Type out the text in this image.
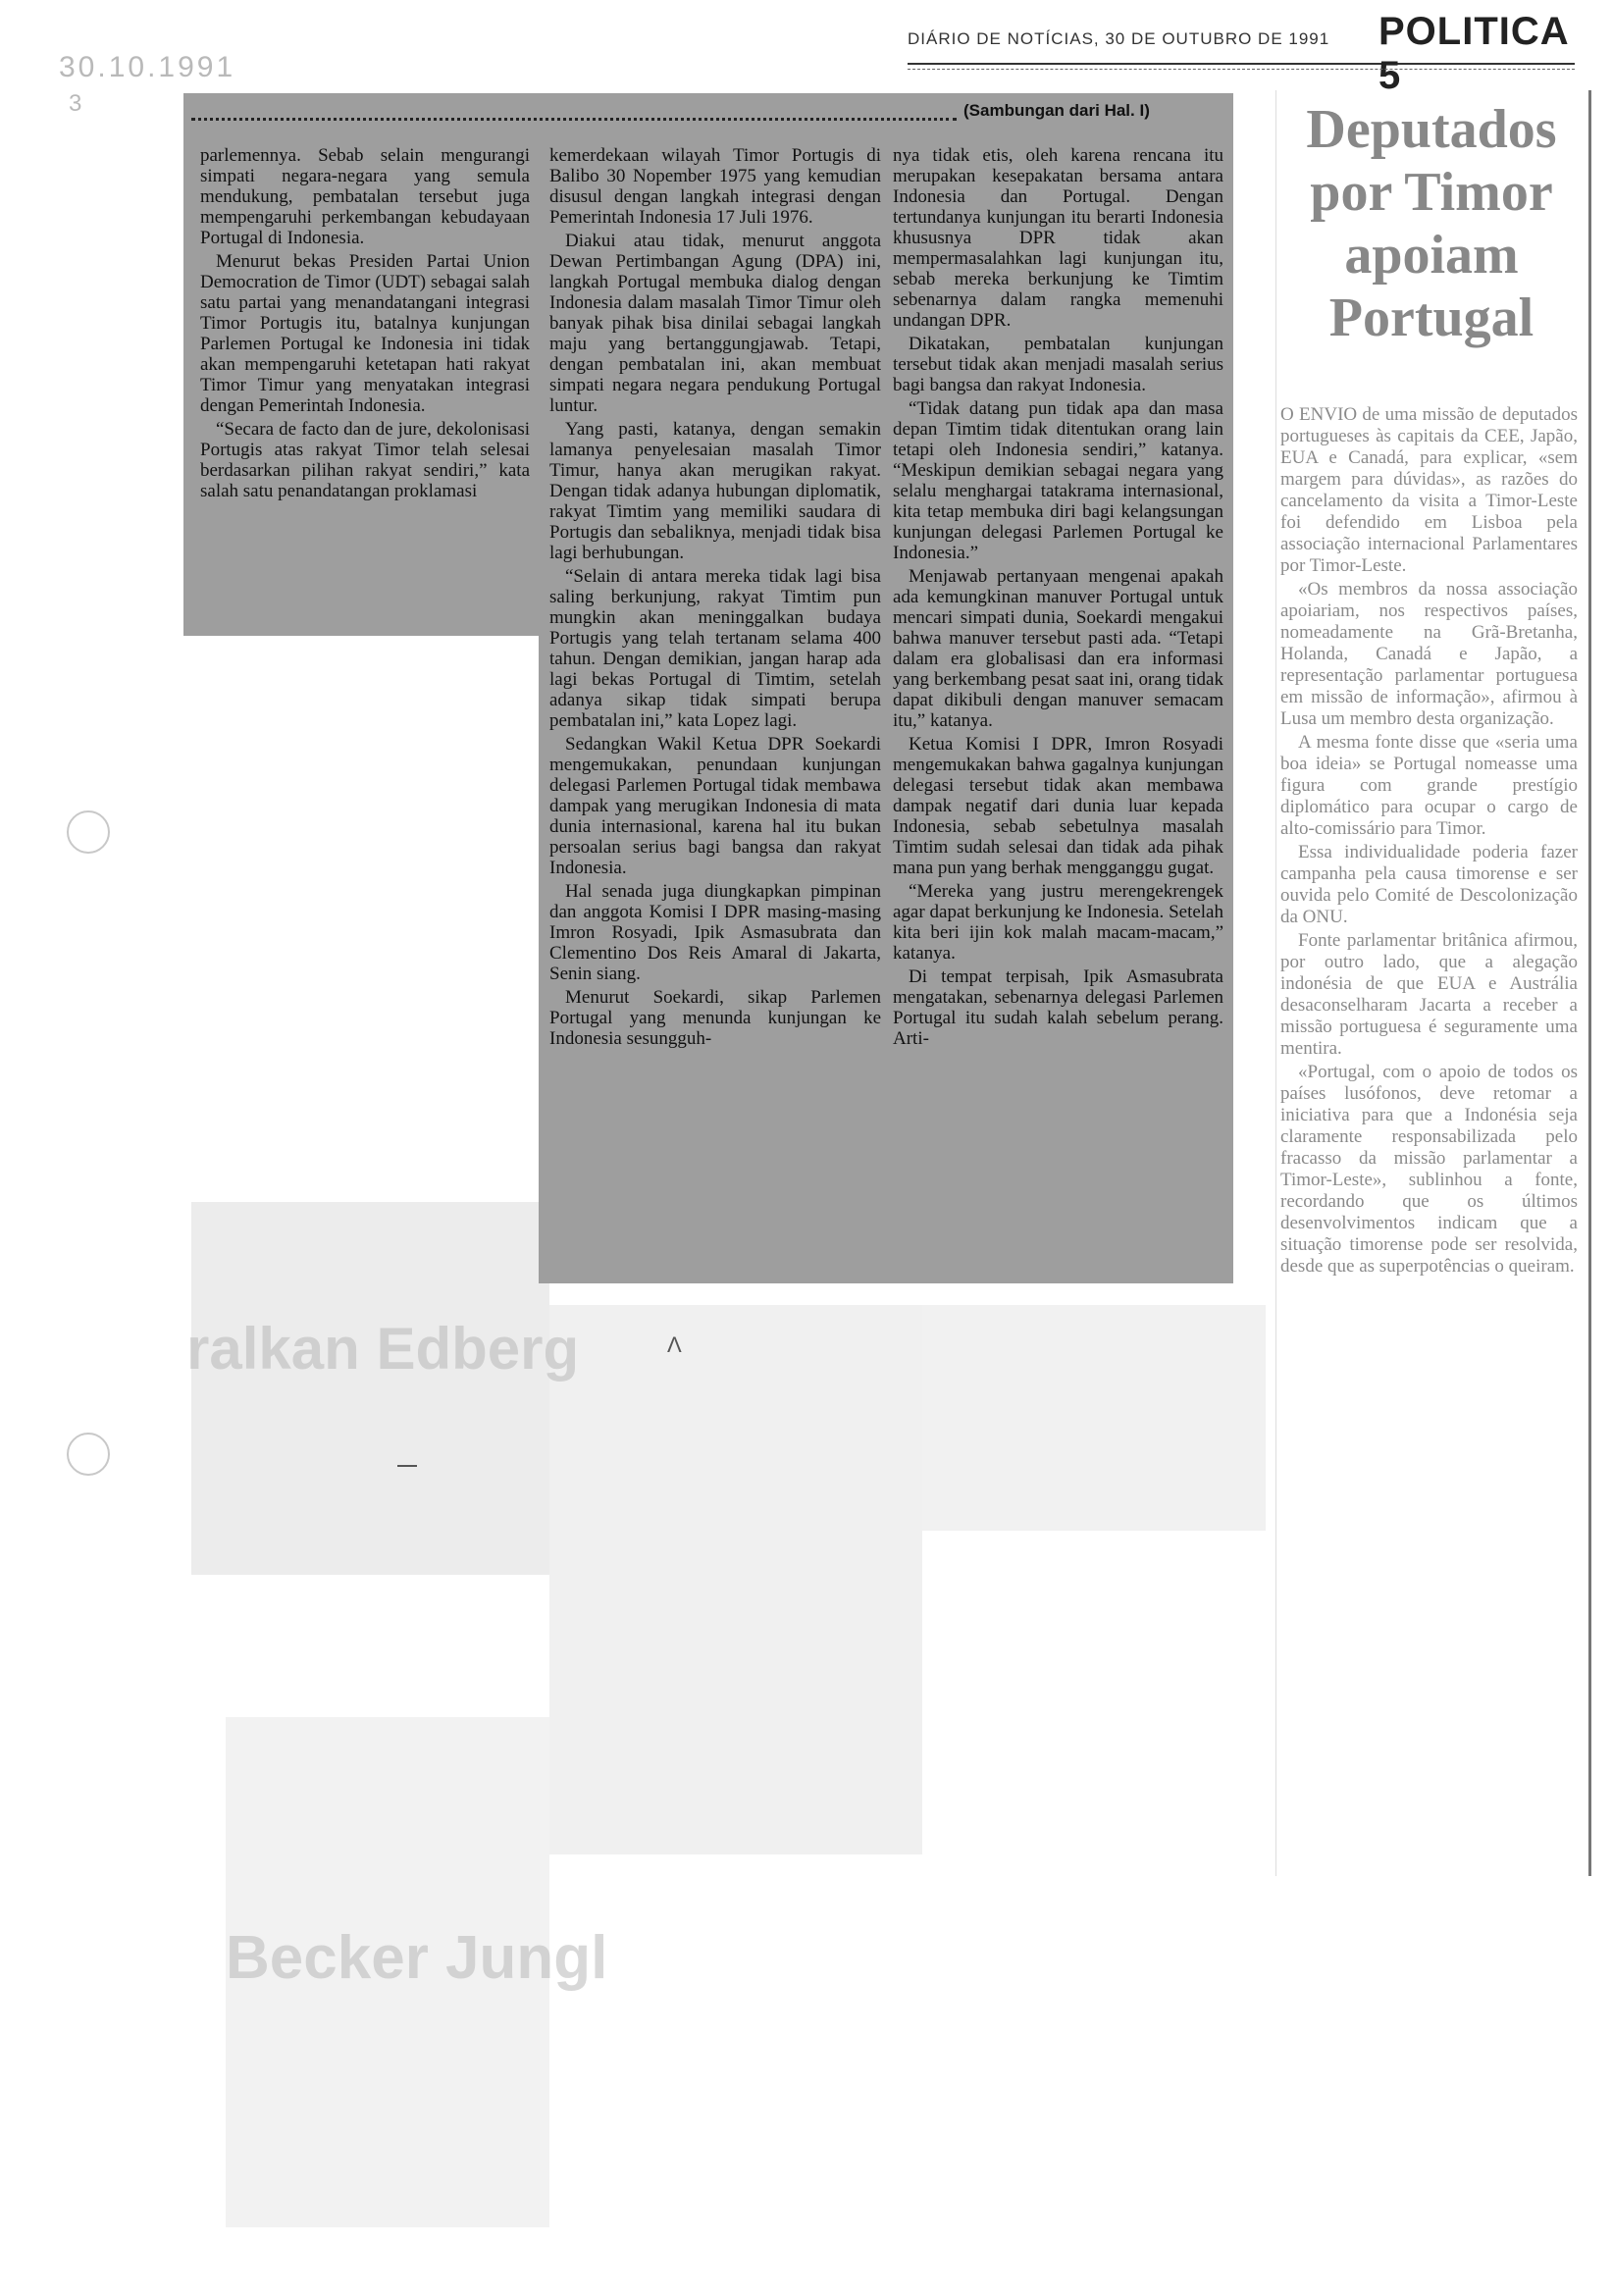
30.10.1991
3
ralkan Edberg
Becker Jungl
DIÁRIO DE NOTÍCIAS, 30 DE OUTUBRO DE 1991 POLITICA 5
(Sambungan dari Hal. I)

parlemennya. Sebab selain mengurangi simpati negara-negara yang semula mendukung, pembatalan tersebut juga mempengaruhi perkembangan kebudayaan Portugal di Indonesia.

Menurut bekas Presiden Partai Union Democration de Timor (UDT) sebagai salah satu partai yang menandatangani integrasi Timor Portugis itu, batalnya kunjungan Parlemen Portugal ke Indonesia ini tidak akan mempengaruhi ketetapan hati rakyat Timor Timur yang menyatakan integrasi dengan Pemerintah Indonesia.

“Secara de facto dan de jure, dekolonisasi Portugis atas rakyat Timor telah selesai berdasarkan pilihan rakyat sendiri,” kata salah satu penandatangan proklamasi

kemerdekaan wilayah Timor Portugis di Balibo 30 Nopember 1975 yang kemudian disusul dengan langkah integrasi dengan Pemerintah Indonesia 17 Juli 1976.

Diakui atau tidak, menurut anggota Dewan Pertimbangan Agung (DPA) ini, langkah Portugal membuka dialog dengan Indonesia dalam masalah Timor Timur oleh banyak pihak bisa dinilai sebagai langkah maju yang bertanggungjawab. Tetapi, dengan pembatalan ini, akan membuat simpati negara negara pendukung Portugal luntur.

Yang pasti, katanya, dengan semakin lamanya penyelesaian masalah Timor Timur, hanya akan merugikan rakyat. Dengan tidak adanya hubungan diplomatik, rakyat Timtim yang memiliki saudara di Portugis dan sebaliknya, menjadi tidak bisa lagi berhubungan.

“Selain di antara mereka tidak lagi bisa saling berkunjung, rakyat Timtim pun mungkin akan meninggalkan budaya Portugis yang telah tertanam selama 400 tahun. Dengan demikian, jangan harap ada lagi bekas Portugal di Timtim, setelah adanya sikap tidak simpati berupa pembatalan ini,” kata Lopez lagi.

Sedangkan Wakil Ketua DPR Soekardi mengemukakan, penundaan kunjungan delegasi Parlemen Portugal tidak membawa dampak yang merugikan Indonesia di mata dunia internasional, karena hal itu bukan persoalan serius bagi bangsa dan rakyat Indonesia.

Hal senada juga diungkapkan pimpinan dan anggota Komisi I DPR masing-masing Imron Rosyadi, Ipik Asmasubrata dan Clementino Dos Reis Amaral di Jakarta, Senin siang.

Menurut Soekardi, sikap Parlemen Portugal yang menunda kunjungan ke Indonesia sesungguh-

nya tidak etis, oleh karena rencana itu merupakan kesepakatan bersama antara Indonesia dan Portugal. Dengan tertundanya kunjungan itu berarti Indonesia khususnya DPR tidak akan mempermasalahkan lagi kunjungan itu, sebab mereka berkunjung ke Timtim sebenarnya dalam rangka memenuhi undangan DPR.

Dikatakan, pembatalan kunjungan tersebut tidak akan menjadi masalah serius bagi bangsa dan rakyat Indonesia.

“Tidak datang pun tidak apa dan masa depan Timtim tidak ditentukan orang lain tetapi oleh Indonesia sendiri,” katanya. “Meskipun demikian sebagai negara yang selalu menghargai tatakrama internasional, kita tetap membuka diri bagi kelangsungan kunjungan delegasi Parlemen Portugal ke Indonesia.”

Menjawab pertanyaan mengenai apakah ada kemungkinan manuver Portugal untuk mencari simpati dunia, Soekardi mengakui bahwa manuver tersebut pasti ada. “Tetapi dalam era globalisasi dan era informasi yang berkembang pesat saat ini, orang tidak dapat dikibuli dengan manuver semacam itu,” katanya.

Ketua Komisi I DPR, Imron Rosyadi mengemukakan bahwa gagalnya kunjungan delegasi tersebut tidak akan membawa dampak negatif dari dunia luar kepada Indonesia, sebab sebetulnya masalah Timtim sudah selesai dan tidak ada pihak mana pun yang berhak mengganggu gugat.

“Mereka yang justru merengekrengek agar dapat berkunjung ke Indonesia. Setelah kita beri ijin kok malah macam-macam,” katanya.

Di tempat terpisah, Ipik Asmasubrata mengatakan, sebenarnya delegasi Parlemen Portugal itu sudah kalah sebelum perang. Arti-

Deputados por Timor apoiam Portugal

O ENVIO de uma missão de deputados portugueses às capitais da CEE, Japão, EUA e Canadá, para explicar, «sem margem para dúvidas», as razões do cancelamento da visita a Timor-Leste foi defendido em Lisboa pela associação internacional Parlamentares por Timor-Leste.

«Os membros da nossa associação apoiariam, nos respectivos países, nomeadamente na Grã-Bretanha, Holanda, Canadá e Japão, a representação parlamentar portuguesa em missão de informação», afirmou à Lusa um membro desta organização.

A mesma fonte disse que «seria uma boa ideia» se Portugal nomeasse uma figura com grande prestígio diplomático para ocupar o cargo de alto-comissário para Timor.

Essa individualidade poderia fazer campanha pela causa timorense e ser ouvida pelo Comité de Descolonização da ONU.

Fonte parlamentar britânica afirmou, por outro lado, que a alegação indonésia de que EUA e Austrália desaconselharam Jacarta a receber a missão portuguesa é seguramente uma mentira.

«Portugal, com o apoio de todos os países lusófonos, deve retomar a iniciativa para que a Indonésia seja claramente responsabilizada pelo fracasso da missão parlamentar a Timor-Leste», sublinhou a fonte, recordando que os últimos desenvolvimentos indicam que a situação timorense pode ser resolvida, desde que as superpotências o queiram.

Λ
